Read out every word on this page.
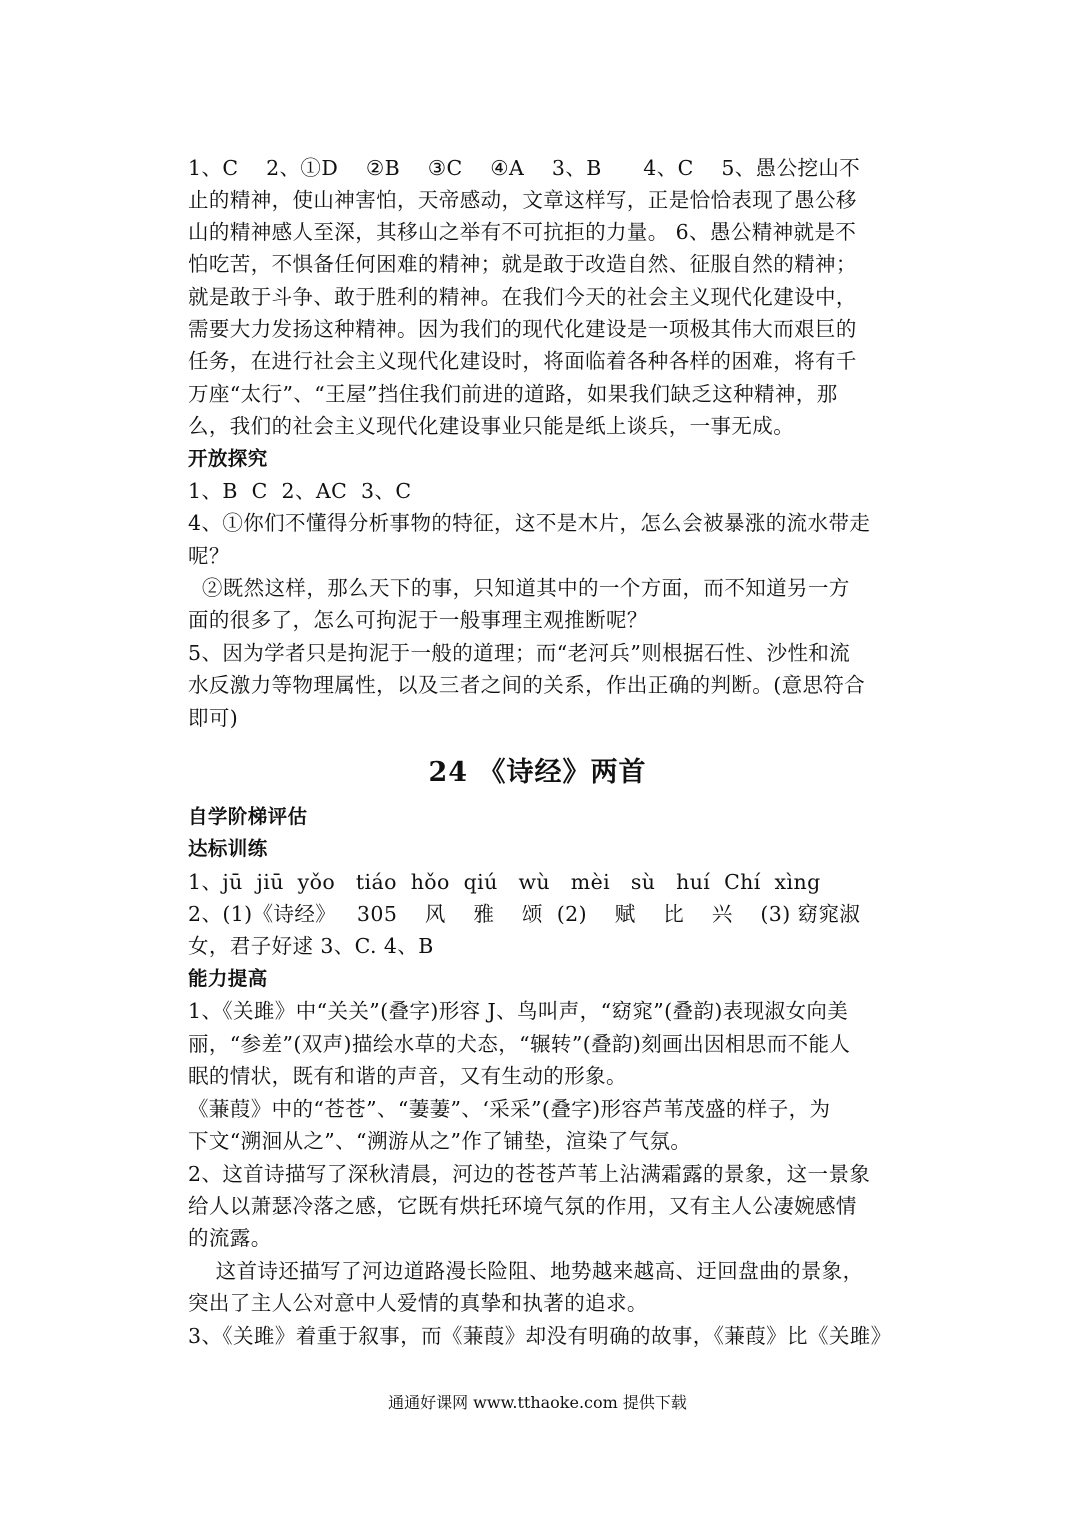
1、C    2、①D    ②B    ③C    ④A    3、B      4、C    5、愚公挖山不
止的精神，使山神害怕，天帝感动，文章这样写，正是恰恰表现了愚公移
山的精神感人至深，其移山之举有不可抗拒的力量。 6、愚公精神就是不
怕吃苦，不惧备任何困难的精神；就是敢于改造自然、征服自然的精神；
就是敢于斗争、敢于胜利的精神。在我们今天的社会主义现代化建设中，
需要大力发扬这种精神。因为我们的现代化建设是一项极其伟大而艰巨的
任务，在进行社会主义现代化建设时，将面临着各种各样的困难，将有千
万座“太行”、“王屋”挡住我们前进的道路，如果我们缺乏这种精神，那
么，我们的社会主义现代化建设事业只能是纸上谈兵，一事无成。
开放探究
1、B  C  2、AC  3、C
4、①你们不懂得分析事物的特征，这不是木片，怎么会被暴涨的流水带走
呢？
②既然这样，那么天下的事，只知道其中的一个方面，而不知道另一方
面的很多了，怎么可拘泥于一般事理主观推断呢？
5、因为学者只是拘泥于一般的道理；而“老河兵”则根据石性、沙性和流
水反激力等物理属性，以及三者之间的关系，作出正确的判断。(意思符合
即可)
24 《诗经》两首
自学阶梯评估
达标训练
1、jū  jiū  yǒo   tiáo  hǒo  qiú   wù   mèi   sù   huí  Chí  xìng
2、(1)《诗经》   305    风    雅    颂  (2)    赋    比    兴    (3) 窈窕淑
女，君子好逑 3、C. 4、B
能力提高
1、《关雎》中“关关”(叠字)形容 J、鸟叫声，“窈窕”(叠韵)表现淑女向美
丽，“参差”(双声)描绘水草的犬态，“辗转”(叠韵)刻画出因相思而不能人
眠的情状，既有和谐的声音，又有生动的形象。
《蒹葭》中的“苍苍”、“萋萋”、‘采采”(叠字)形容芦苇茂盛的样子，为
下文“溯洄从之”、“溯游从之”作了铺垫，渲染了气氛。
2、这首诗描写了深秋清晨，河边的苍苍芦苇上沾满霜露的景象，这一景象
给人以萧瑟冷落之感，它既有烘托环境气氛的作用，又有主人公凄婉感情
的流露。
这首诗还描写了河边道路漫长险阻、地势越来越高、迂回盘曲的景象，
突出了主人公对意中人爱情的真挚和执著的追求。
3、《关雎》着重于叙事，而《蒹葭》却没有明确的故事，《蒹葭》比《关雎》
通通好课网 www.tthaoke.com 提供下载
